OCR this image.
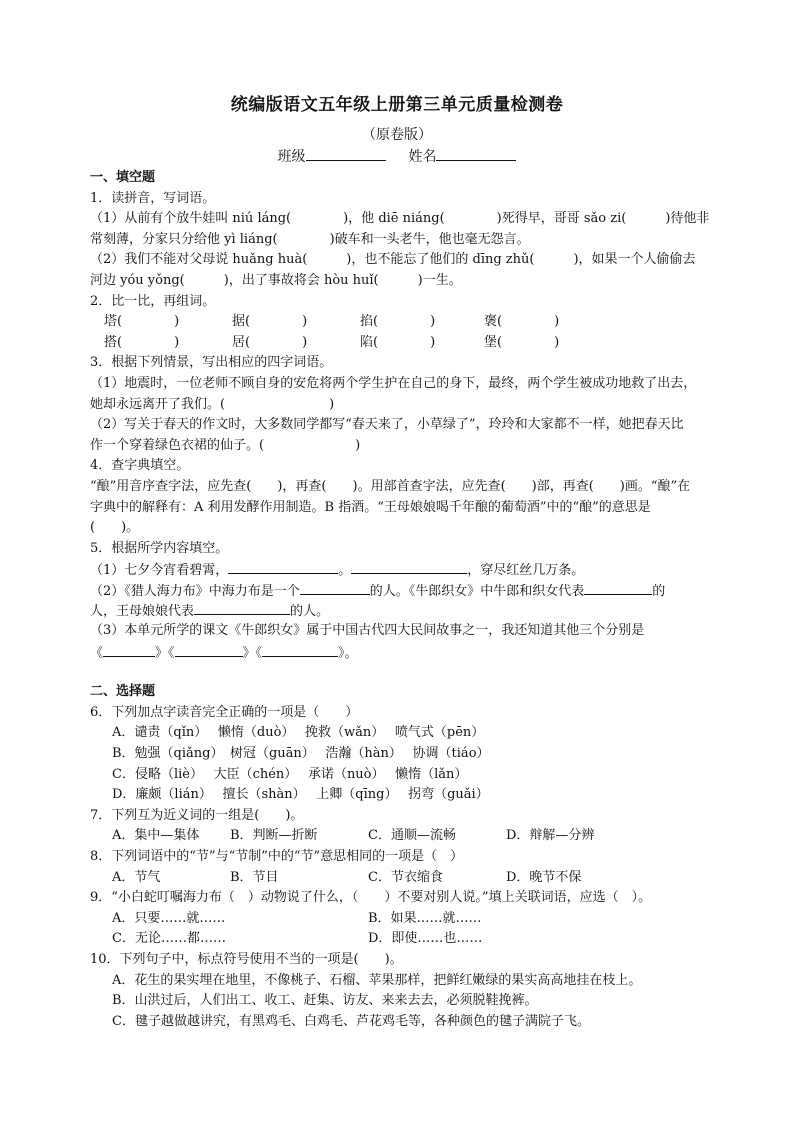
统编版语文五年级上册第三单元质量检测卷
（原卷版）
班级	姓名
一、填空题
1．读拼音，写词语。
（1）从前有个放牛娃叫 niú láng(　　　　)，他 diē niáng(　　　　)死得早，哥哥 sǎo zi(　　　)待他非
常刻薄，分家只分给他 yì liáng(　　　　)破车和一头老牛，他也毫无怨言。
（2）我们不能对父母说 huǎng huà(　　　)，也不能忘了他们的 dīng zhǔ(　　　)，如果一个人偷偷去
河边 yóu yǒng(　　　)，出了事故将会 hòu huǐ(　　　)一生。
2．比一比，再组词。
塔(　　　　)	据(　　　　)	掐(　　　　)	褒(　　　　)
搭(　　　　)	居(　　　　)	陷(　　　　)	堡(　　　　)
3．根据下列情景，写出相应的四字词语。
（1）地震时，一位老师不顾自身的安危将两个学生护在自己的身下，最终，两个学生被成功地救了出去，
她却永远离开了我们。(　　　　　　　　)
（2）写关于春天的作文时，大多数同学都写“春天来了，小草绿了”，玲玲和大家都不一样，她把春天比
作一个穿着绿色衣裙的仙子。(　　　　　　　)
4．查字典填空。
“酿”用音序查字法，应先查(　　)，再查(　　)。用部首查字法，应先查(　　)部，再查(　　)画。“酿”在
字典中的解释有：A 利用发酵作用制造。B 指酒。“王母娘娘喝千年酿的葡萄酒”中的“酿”的意思是
(　　)。
5．根据所学内容填空。
（1）七夕今宵看碧霄，	。	，穿尽红丝几万条。
（2）《猎人海力布》中海力布是一个	的人。《牛郎织女》中牛郎和织女代表	的
人，王母娘娘代表	的人。
（3）本单元所学的课文《牛郎织女》属于中国古代四大民间故事之一，我还知道其他三个分别是
《	》《	》《	》。
二、选择题
6．下列加点字读音完全正确的一项是（　　）
A．谴责（qǐn）　 懒惰（duò）　 挽救（wǎn）　 喷气式（pēn）
B．勉强（qiǎng）　树冠（guān）　 浩瀚（hàn）　 协调（tiáo）
C．侵略（liè）　 大臣（chén）　 承诺（nuò）　 懒惰（lǎn）
D．廉颇（lián）　 擅长（shàn）　 上卿（qīng）　 拐弯（guǎi）
7．下列互为近义词的一组是(　　)。
A．集中—集体 B．判断—折断	C．通顺—流畅	D．辩解—分辨
8．下列词语中的“节”与“节制”中的“节”意思相同的一项是（　）
A．节气	B．节目	C．节衣缩食	D．晚节不保
9．“小白蛇叮嘱海力布（　）动物说了什么，（　　）不要对别人说。”填上关联词语，应选（　）。
A．只要……就……	B．如果……就……
C．无论……都……	D．即使……也……
10．下列句子中，标点符号使用不当的一项是(　　)。
A．花生的果实埋在地里，不像桃子、石榴、苹果那样，把鲜红嫩绿的果实高高地挂在枝上。
B．山洪过后，人们出工、收工、赶集、访友、来来去去，必须脱鞋挽裤。
C．毽子越做越讲究，有黑鸡毛、白鸡毛、芦花鸡毛等，各种颜色的毽子满院子飞。
